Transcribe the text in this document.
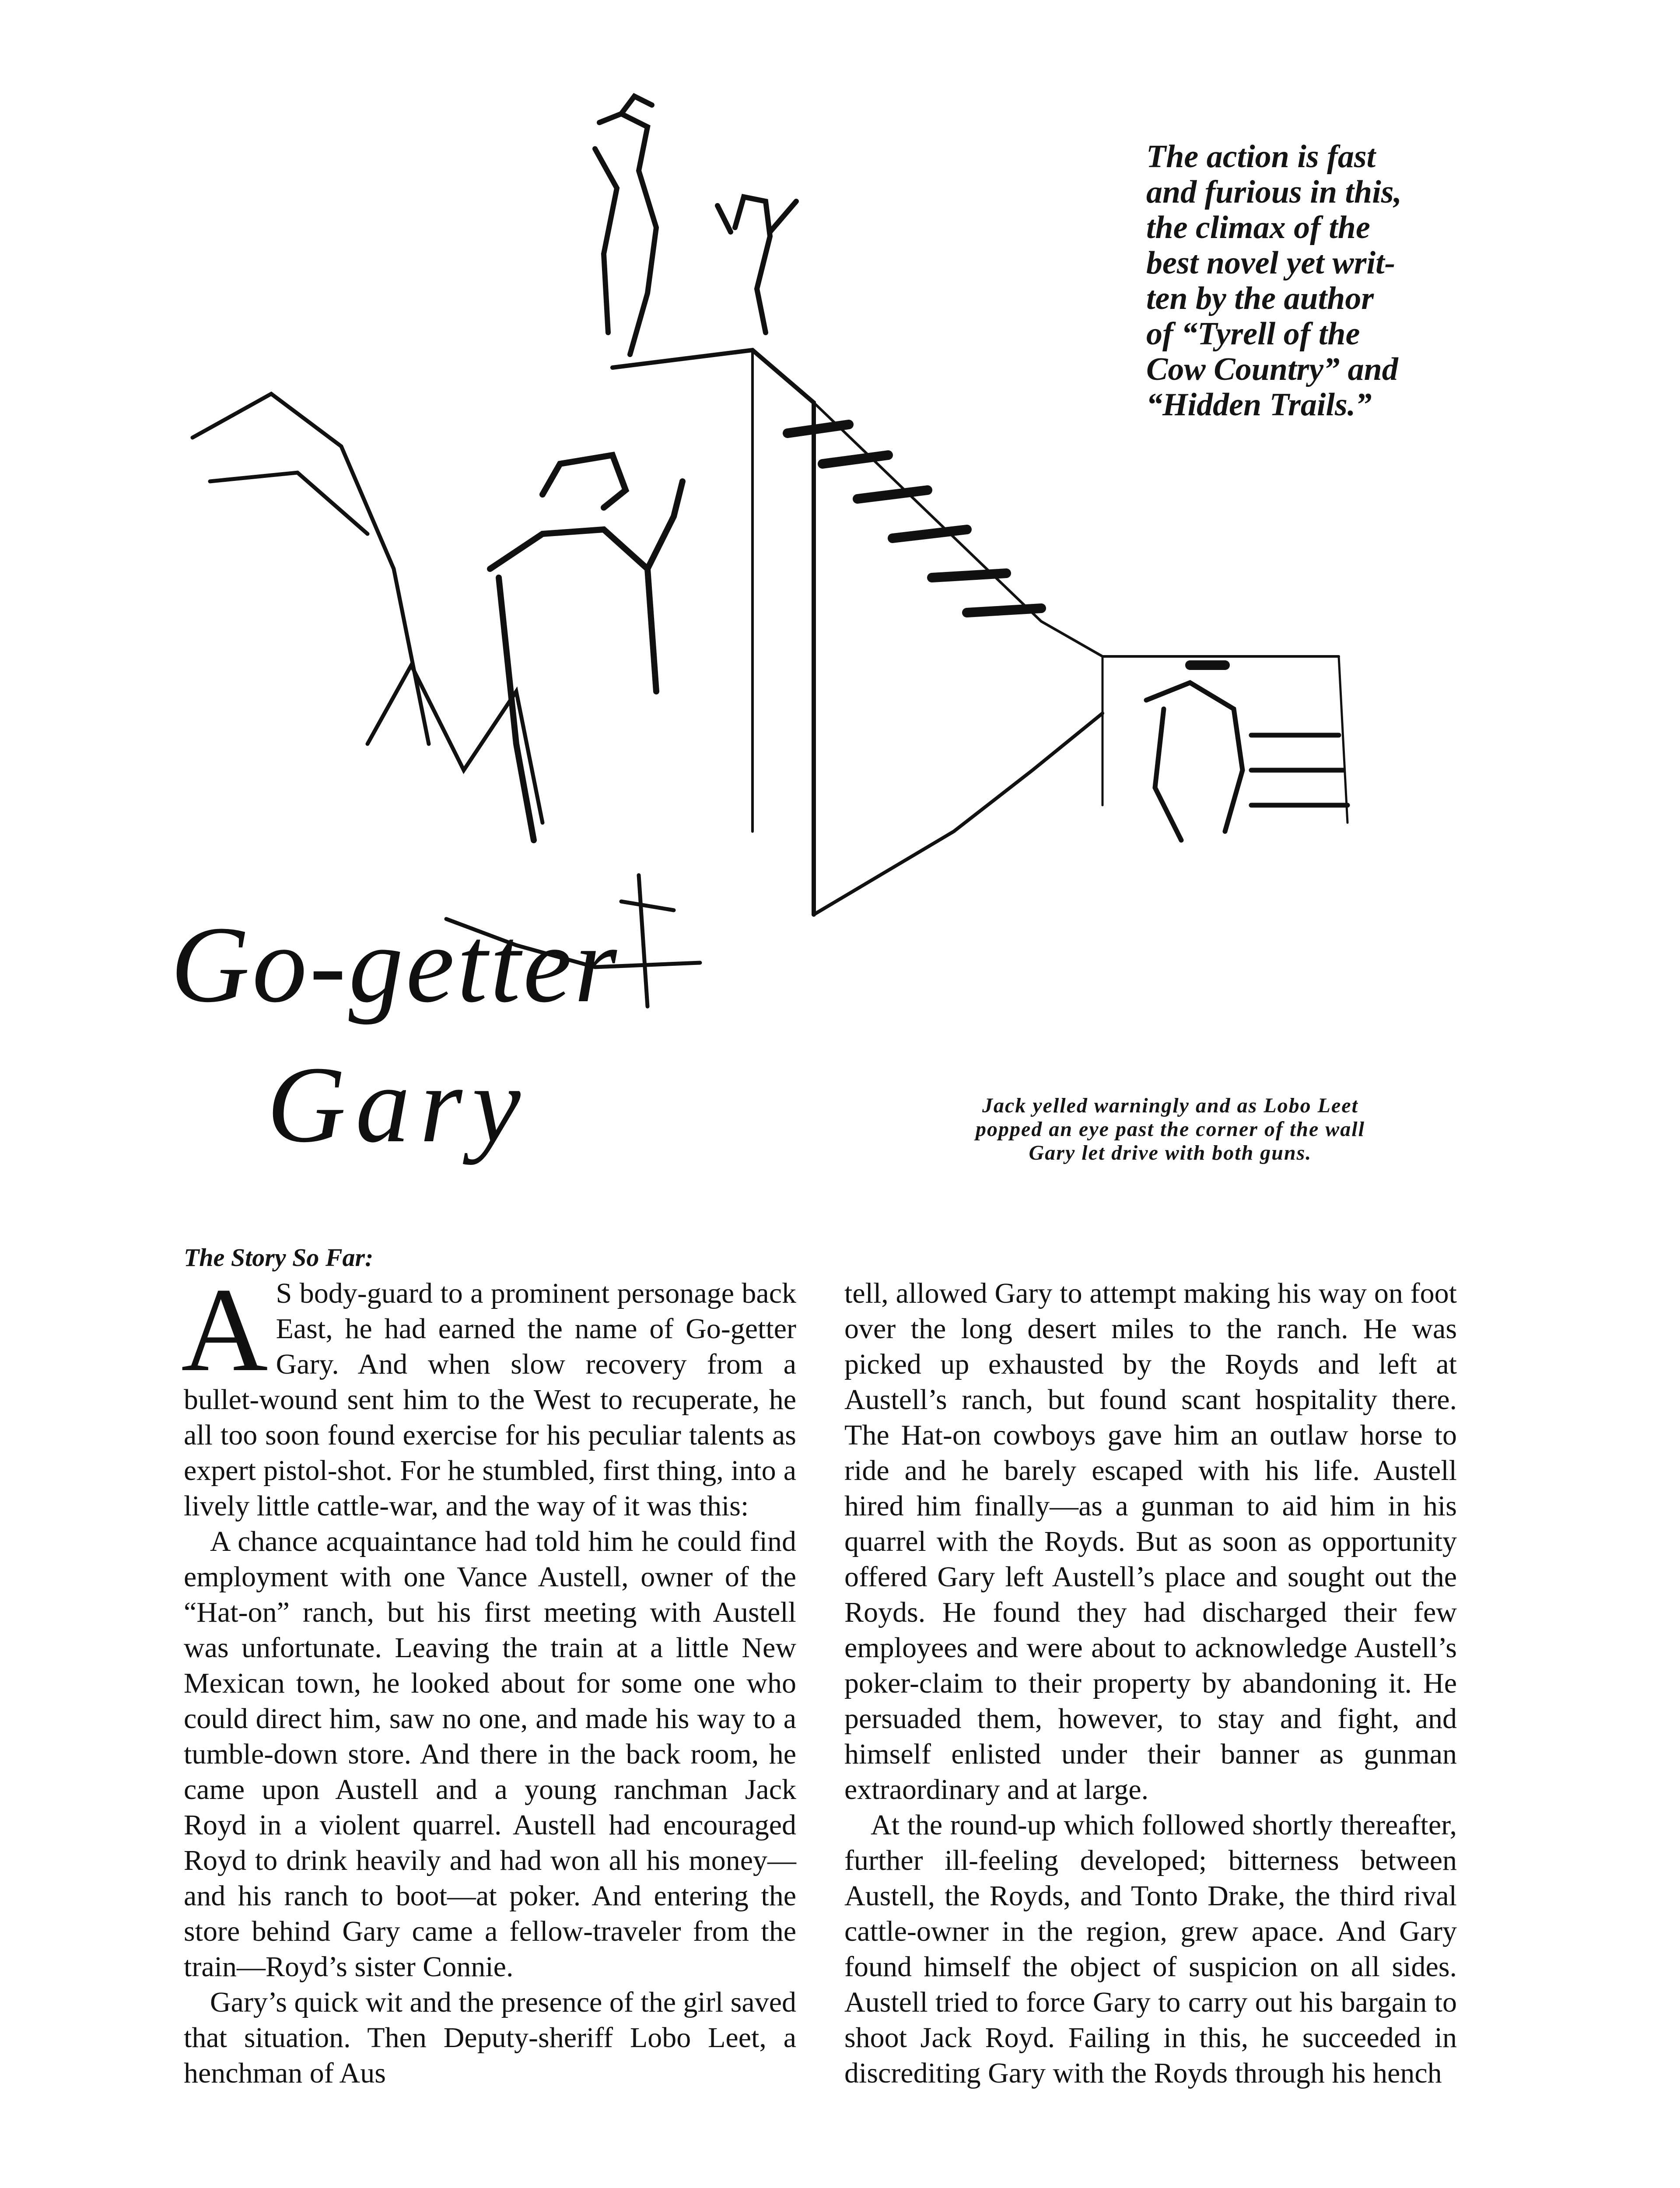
The action is fast
and furious in this,
the climax of the
best novel yet writ-
ten by the author
of “Tyrell of the
Cow Country” and
“Hidden Trails.”
Go-getter
Gary	Jack yelled warningly and as Lobo Leet popped an eye past the corner of the wall Gary let drive with both guns.
The Story So Far:

A S body-guard to a prominent personage back East, he had earned the name of Go-getter Gary. And when slow recovery from a bullet-wound sent him to the West to recuperate, he all too soon found exercise for his peculiar talents as expert pistol-shot. For he stumbled, first thing, into a lively little cattle-war, and the way of it was this:

A chance acquaintance had told him he could find employment with one Vance Austell, owner of the “Hat-on” ranch, but his first meeting with Austell was unfortunate. Leaving the train at a little New Mexican town, he looked about for some one who could direct him, saw no one, and made his way to a tumble-down store. And there in the back room, he came upon Austell and a young ranchman Jack Royd in a violent quarrel. Austell had encouraged Royd to drink heavily and had won all his money—and his ranch to boot—at poker. And entering the store behind Gary came a fellow-traveler from the train—Royd’s sister Connie.

Gary’s quick wit and the presence of the girl saved that situation. Then Deputy-sheriff Lobo Leet, a henchman of Aus

tell, allowed Gary to attempt making his way on foot over the long desert miles to the ranch. He was picked up exhausted by the Royds and left at Austell’s ranch, but found scant hospitality there. The Hat-on cowboys gave him an outlaw horse to ride and he barely escaped with his life. Austell hired him finally—as a gunman to aid him in his quarrel with the Royds. But as soon as opportunity offered Gary left Austell’s place and sought out the Royds. He found they had discharged their few employees and were about to acknowledge Austell’s poker-claim to their property by abandoning it. He persuaded them, however, to stay and fight, and himself enlisted under their banner as gunman extraordinary and at large.

At the round-up which followed shortly thereafter, further ill-feeling developed; bitterness between Austell, the Royds, and Tonto Drake, the third rival cattle-owner in the region, grew apace. And Gary found himself the object of suspicion on all sides. Austell tried to force Gary to carry out his bargain to shoot Jack Royd. Failing in this, he succeeded in discrediting Gary with the Royds through his hench
